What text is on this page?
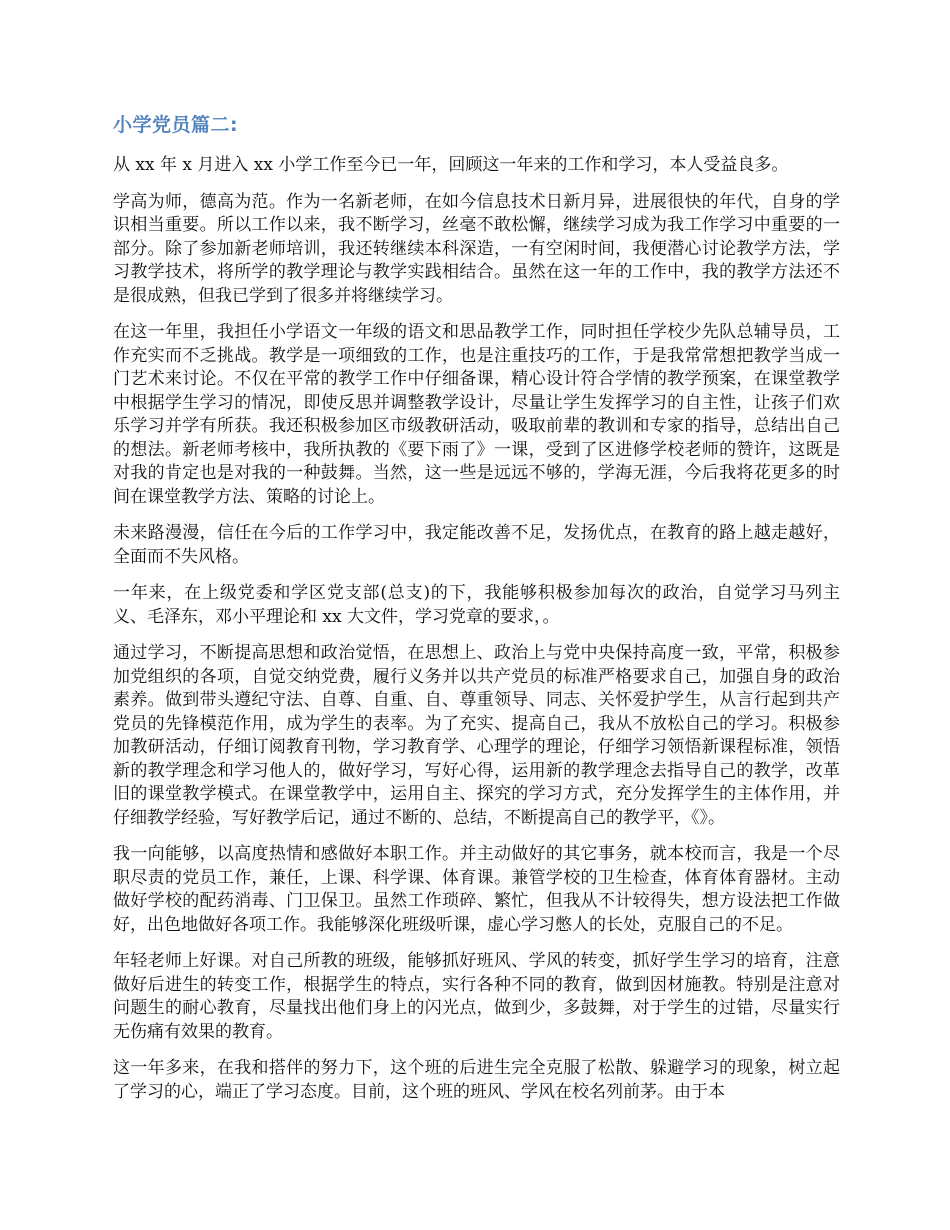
小学党员篇二:

从 xx 年 x 月进入 xx 小学工作至今已一年，回顾这一年来的工作和学习，本人受益良多。

学高为师，德高为范。作为一名新老师，在如今信息技术日新月异，进展很快的年代，自身的学识相当重要。所以工作以来，我不断学习，丝毫不敢松懈，继续学习成为我工作学习中重要的一部分。除了参加新老师培训，我还转继续本科深造，一有空闲时间，我便潜心讨论教学方法，学习教学技术，将所学的教学理论与教学实践相结合。虽然在这一年的工作中，我的教学方法还不是很成熟，但我已学到了很多并将继续学习。

在这一年里，我担任小学语文一年级的语文和思品教学工作，同时担任学校少先队总辅导员，工作充实而不乏挑战。教学是一项细致的工作，也是注重技巧的工作，于是我常常想把教学当成一门艺术来讨论。不仅在平常的教学工作中仔细备课，精心设计符合学情的教学预案，在课堂教学中根据学生学习的情况，即使反思并调整教学设计，尽量让学生发挥学习的自主性，让孩子们欢乐学习并学有所获。我还积极参加区市级教研活动，吸取前辈的教训和专家的指导，总结出自己的想法。新老师考核中，我所执教的《要下雨了》一课，受到了区进修学校老师的赞许，这既是对我的肯定也是对我的一种鼓舞。当然，这一些是远远不够的，学海无涯，今后我将花更多的时间在课堂教学方法、策略的讨论上。

未来路漫漫，信任在今后的工作学习中，我定能改善不足，发扬优点，在教育的路上越走越好，全面而不失风格。

一年来，在上级党委和学区党支部(总支)的下，我能够积极参加每次的政治，自觉学习马列主义、毛泽东，邓小平理论和 xx 大文件，学习党章的要求，。

通过学习，不断提高思想和政治觉悟，在思想上、政治上与党中央保持高度一致，平常，积极参加党组织的各项，自觉交纳党费，履行义务并以共产党员的标准严格要求自己，加强自身的政治素养。做到带头遵纪守法、自尊、自重、自、尊重领导、同志、关怀爱护学生，从言行起到共产党员的先锋模范作用，成为学生的表率。为了充实、提高自己，我从不放松自己的学习。积极参加教研活动，仔细订阅教育刊物，学习教育学、心理学的理论，仔细学习领悟新课程标准，领悟新的教学理念和学习他人的，做好学习，写好心得，运用新的教学理念去指导自己的教学，改革旧的课堂教学模式。在课堂教学中，运用自主、探究的学习方式，充分发挥学生的主体作用，并仔细教学经验，写好教学后记，通过不断的、总结，不断提高自己的教学平，《》。

我一向能够，以高度热情和感做好本职工作。并主动做好的其它事务，就本校而言，我是一个尽职尽责的党员工作，兼任，上课、科学课、体育课。兼管学校的卫生检查，体育体育器材。主动做好学校的配药消毒、门卫保卫。虽然工作琐碎、繁忙，但我从不计较得失，想方设法把工作做好，出色地做好各项工作。我能够深化班级听课，虚心学习憋人的长处，克服自己的不足。

年轻老师上好课。对自己所教的班级，能够抓好班风、学风的转变，抓好学生学习的培育，注意做好后进生的转变工作，根据学生的特点，实行各种不同的教育，做到因材施教。特别是注意对问题生的耐心教育，尽量找出他们身上的闪光点，做到少，多鼓舞，对于学生的过错，尽量实行无伤痛有效果的教育。

这一年多来，在我和搭伴的努力下，这个班的后进生完全克服了松散、躲避学习的现象，树立起了学习的心，端正了学习态度。目前，这个班的班风、学风在校名列前茅。由于本
